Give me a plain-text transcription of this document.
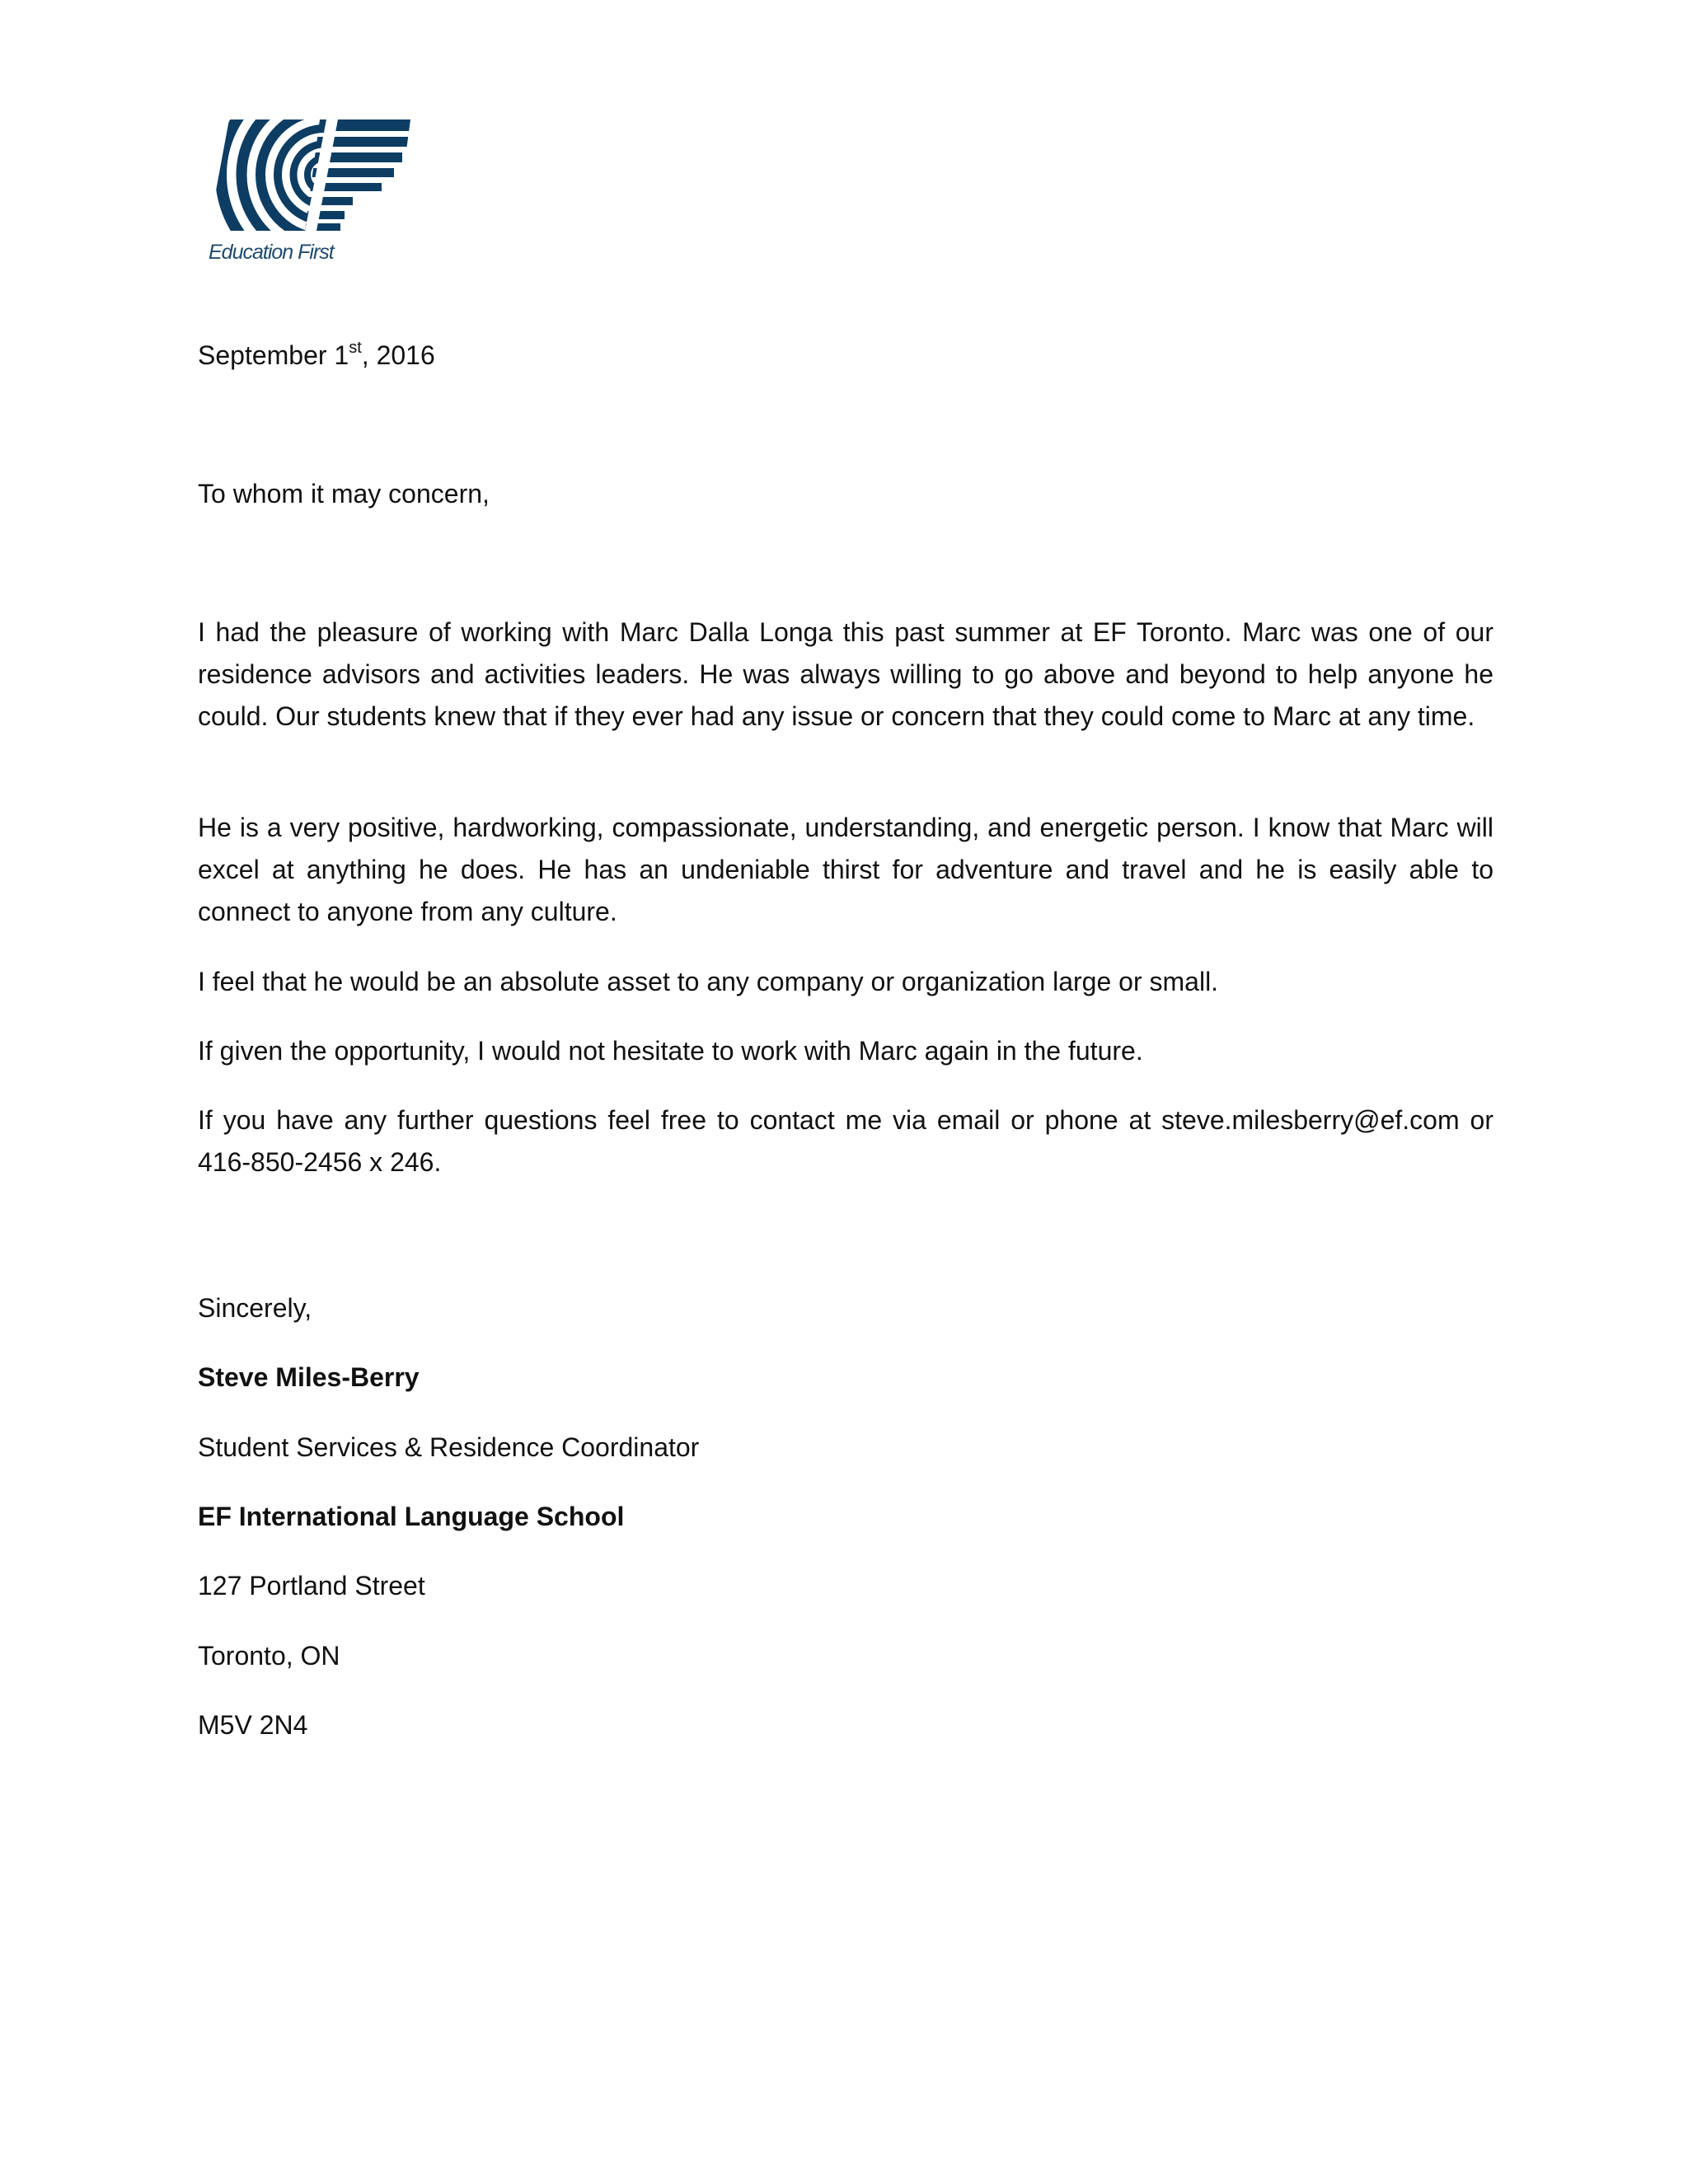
Education First
September 1st, 2016
To whom it may concern,
I had the pleasure of working with Marc Dalla Longa this past summer at EF Toronto. Marc was one of our residence advisors and activities leaders. He was always willing to go above and beyond to help anyone he could. Our students knew that if they ever had any issue or concern that they could come to Marc at any time.
He is a very positive, hardworking, compassionate, understanding, and energetic person. I know that Marc will excel at anything he does. He has an undeniable thirst for adventure and travel and he is easily able to connect to anyone from any culture.
I feel that he would be an absolute asset to any company or organization large or small.
If given the opportunity, I would not hesitate to work with Marc again in the future.
If you have any further questions feel free to contact me via email or phone at steve.milesberry@ef.com or 416-850-2456 x 246.
Sincerely,
Steve Miles-Berry
Student Services & Residence Coordinator
EF International Language School
127 Portland Street
Toronto, ON
M5V 2N4
